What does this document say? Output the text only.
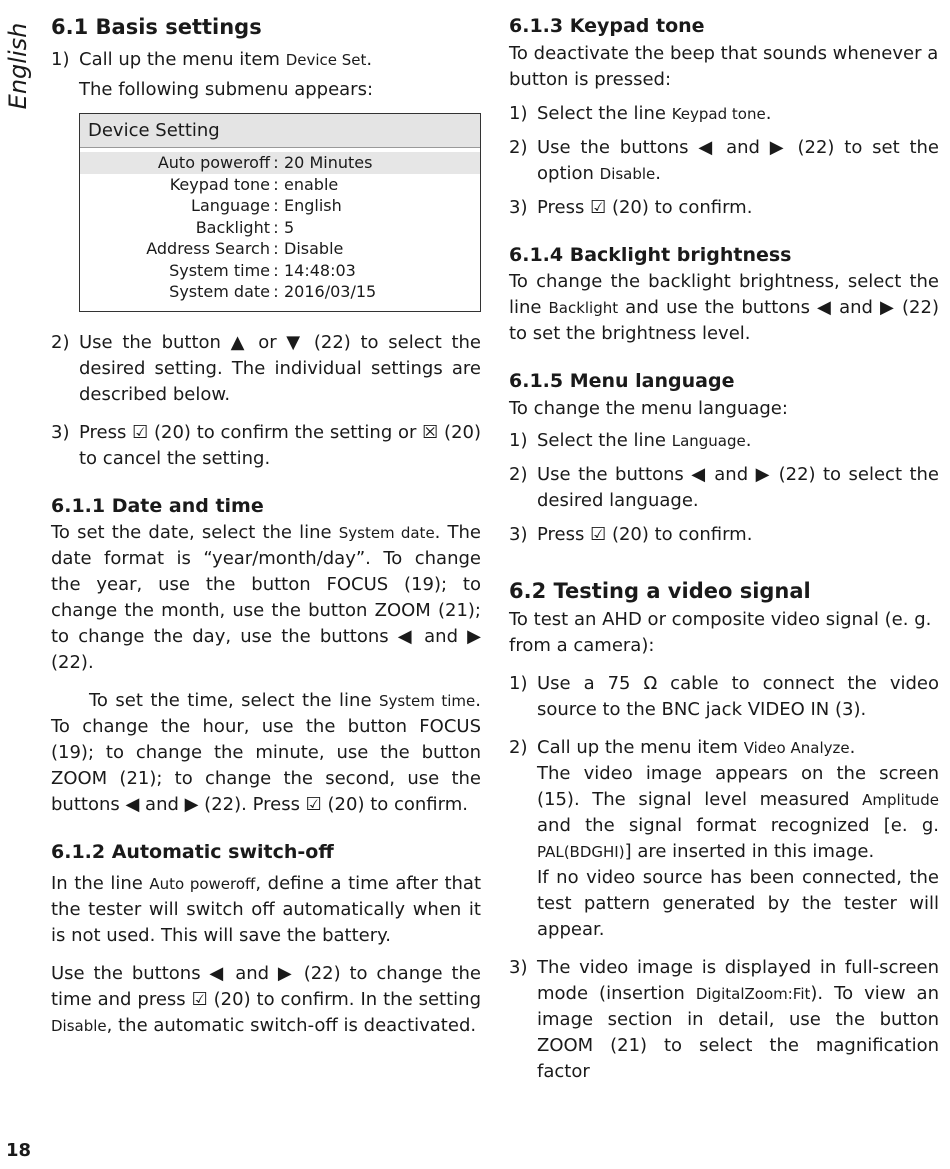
English 6.1 Basis settings
1) Call up the menu item Device Set.
The following submenu appears:
Device Setting
Auto poweroff : 20 Minutes
Keypad tone : enable
Language : English
Backlight : 5
Address Search : Disable
System time : 14:48:03
System date : 2016/03/15
2) Use the button ▲ or ▼ (22) to select the desired setting. The individual settings are described below.
3) Press ☑ (20) to confirm the setting or ☒ (20) to cancel the setting.
6.1.1 Date and time

To set the date, select the line System date. The date format is “year/month/day”. To change the year, use the button FOCUS (19); to change the month, use the button ZOOM (21); to change the day, use the buttons ◀ and ▶ (22).

To set the time, select the line System time. To change the hour, use the button FOCUS (19); to change the minute, use the button ZOOM (21); to change the second, use the buttons ◀ and ▶ (22). Press ☑ (20) to confirm.

6.1.2 Automatic switch-off

In the line Auto poweroff, define a time after that the tester will switch off automatically when it is not used. This will save the battery.

Use the buttons ◀ and ▶ (22) to change the time and press ☑ (20) to confirm. In the setting Disable, the automatic switch-off is deactivated.

6.1.3 Keypad tone

To deactivate the beep that sounds whenever a button is pressed:

1) Select the line Keypad tone.
2) Use the buttons ◀ and ▶ (22) to set the option Disable.
3) Press ☑ (20) to confirm.
6.1.4 Backlight brightness

To change the backlight brightness, select the line Backlight and use the buttons ◀ and ▶ (22) to set the brightness level.

6.1.5 Menu language

To change the menu language:

1) Select the line Language.
2) Use the buttons ◀ and ▶ (22) to select the desired language.
3) Press ☑ (20) to confirm.
6.2 Testing a video signal

To test an AHD or composite video signal (e. g. from a camera):

1) Use a 75 Ω cable to connect the video source to the BNC jack VIDEO IN (3).
2) Call up the menu item Video Analyze.
The video image appears on the screen (15). The signal level measured Amplitude and the signal format recognized [e. g. PAL(BDGHI)] are inserted in this image.
If no video source has been connected, the test pattern generated by the tester will appear.
3) The video image is displayed in full-screen mode (insertion DigitalZoom:Fit). To view an image section in detail, use the button ZOOM (21) to select the magnification factor
18
